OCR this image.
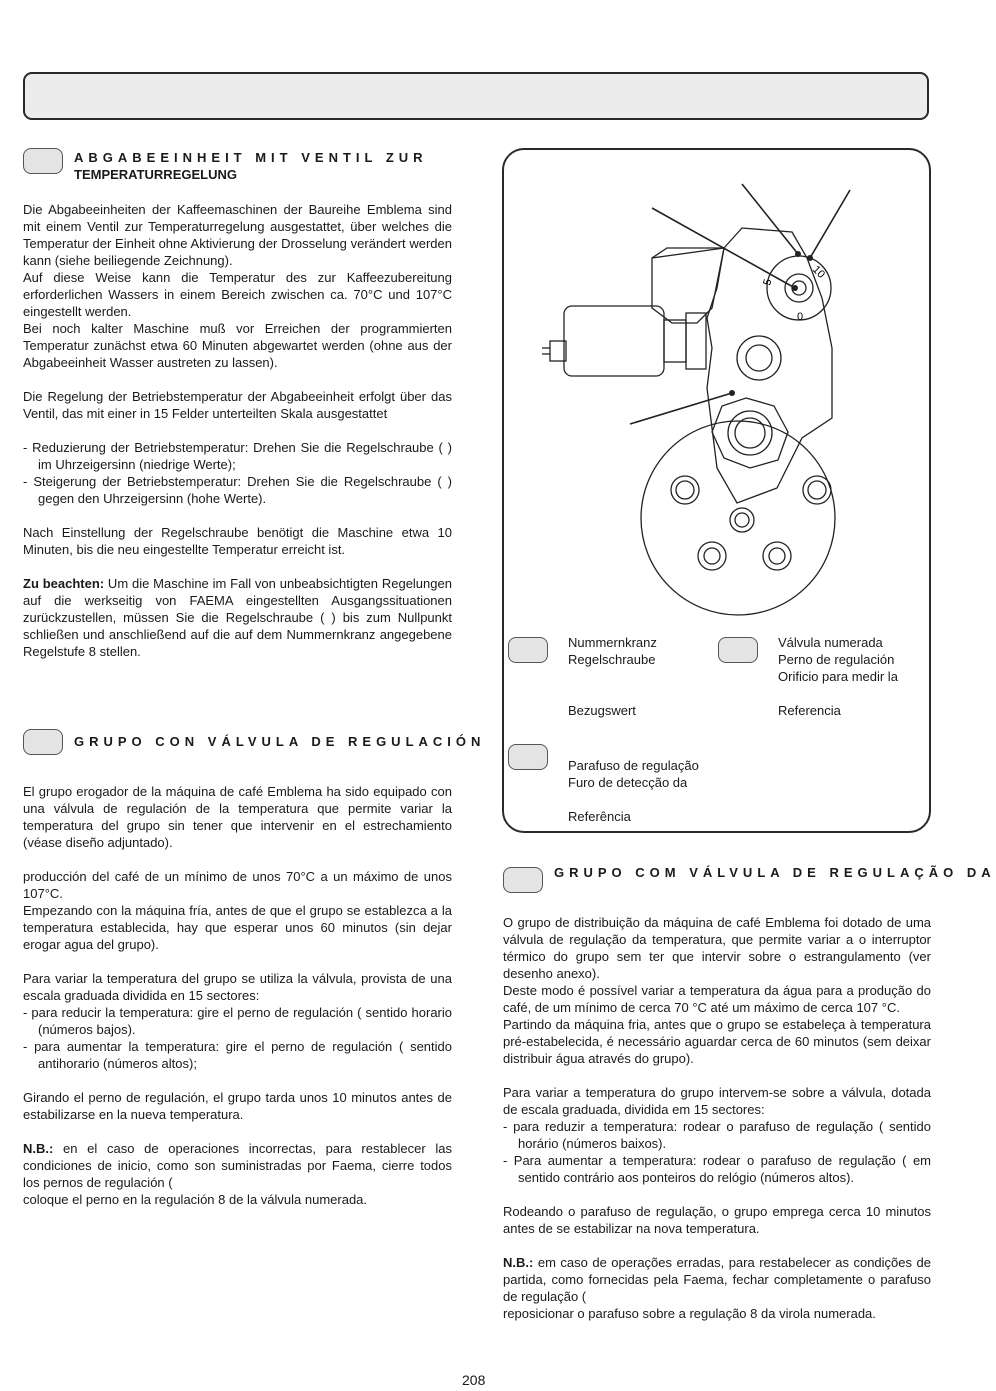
ABGABEEINHEIT MIT VENTIL ZUR
TEMPERATURREGELUNG

Die Abgabeeinheiten der Kaffeemaschinen der Baureihe Emblema sind mit einem Ventil zur Temperaturregelung ausgestattet, über welches die Temperatur der Einheit ohne Aktivierung der Drosselung verändert werden kann (siehe beiliegende Zeichnung).

Auf diese Weise kann die Temperatur des zur Kaffeezubereitung erforderlichen Wassers in einem Bereich zwischen ca. 70°C und 107°C eingestellt werden.

Bei noch kalter Maschine muß vor Erreichen der programmierten Temperatur zunächst etwa 60 Minuten abgewartet werden (ohne aus der Abgabeeinheit Wasser austreten zu lassen).

Die Regelung der Betriebstemperatur der Abgabeeinheit erfolgt über das Ventil, das mit einer in 15 Felder unterteilten Skala ausgestattet

- Reduzierung der Betriebstemperatur: Drehen Sie die Regelschraube ( ) im Uhrzeigersinn (niedrige Werte);

- Steigerung der Betriebstemperatur: Drehen Sie die Regelschraube ( ) gegen den Uhrzeigersinn (hohe Werte).

Nach Einstellung der Regelschraube benötigt die Maschine etwa 10 Minuten, bis die neu eingestellte Temperatur erreicht ist.

Zu beachten: Um die Maschine im Fall von unbeabsichtigten Regelungen auf die werkseitig von FAEMA eingestellten Ausgangssituationen zurückzustellen, müssen Sie die Regelschraube ( ) bis zum Nullpunkt schließen und anschließend auf die auf dem Nummernkranz angegebene Regelstufe 8 stellen.

GRUPO CON VÁLVULA DE REGULACIÓN

El grupo erogador de la máquina de café Emblema ha sido equipado con una válvula de regulación de la temperatura que permite variar la temperatura del grupo sin tener que intervenir en el estrechamiento (véase diseño adjuntado).

producción del café de un mínimo de unos 70°C a un máximo de unos 107°C.

Empezando con la máquina fría, antes de que el grupo se establezca a la temperatura establecida, hay que esperar unos 60 minutos (sin dejar erogar agua del grupo).

Para variar la temperatura del grupo se utiliza la válvula, provista de una escala graduada dividida en 15 sectores:

- para reducir la temperatura: gire el perno de regulación ( sentido horario (números bajos).

- para aumentar la temperatura: gire el perno de regulación ( sentido antihorario (números altos);

Girando el perno de regulación, el grupo tarda unos 10 minutos antes de estabilizarse en la nueva temperatura.

N.B.: en el caso de operaciones incorrectas, para restablecer las condiciones de inicio, como son suministradas por Faema, cierre todos los pernos de regulación (

coloque el perno en la regulación 8 de la válvula numerada.

5
10
0
Nummernkranz
Regelschraube
Bezugswert
Válvula numerada
Perno de regulación
Orificio para medir la
Referencia
Parafuso de regulação
Furo de detecção da
Referência
GRUPO COM VÁLVULA DE REGULAÇÃO DA

O grupo de distribuição da máquina de café Emblema foi dotado de uma válvula de regulação da temperatura, que permite variar a o interruptor térmico do grupo sem ter que intervir sobre o estrangulamento (ver desenho anexo).

Deste modo é possível variar a temperatura da água para a produção do café, de um mínimo de cerca 70 °C até um máximo de cerca 107 °C.

Partindo da máquina fria, antes que o grupo se estabeleça à temperatura pré-estabelecida, é necessário aguardar cerca de 60 minutos (sem deixar distribuir água através do grupo).

Para variar a temperatura do grupo intervem-se sobre a válvula, dotada de escala graduada, dividida em 15 sectores:

- para reduzir a temperatura: rodear o parafuso de regulação ( sentido horário (números baixos).

- Para aumentar a temperatura: rodear o parafuso de regulação ( em sentido contrário aos ponteiros do relógio (números altos).

Rodeando o parafuso de regulação, o grupo emprega cerca 10 minutos antes de se estabilizar na nova temperatura.

N.B.: em caso de operações erradas, para restabelecer as condições de partida, como fornecidas pela Faema, fechar completamente o parafuso de regulação (

reposicionar o parafuso sobre a regulação 8 da virola numerada.

208
